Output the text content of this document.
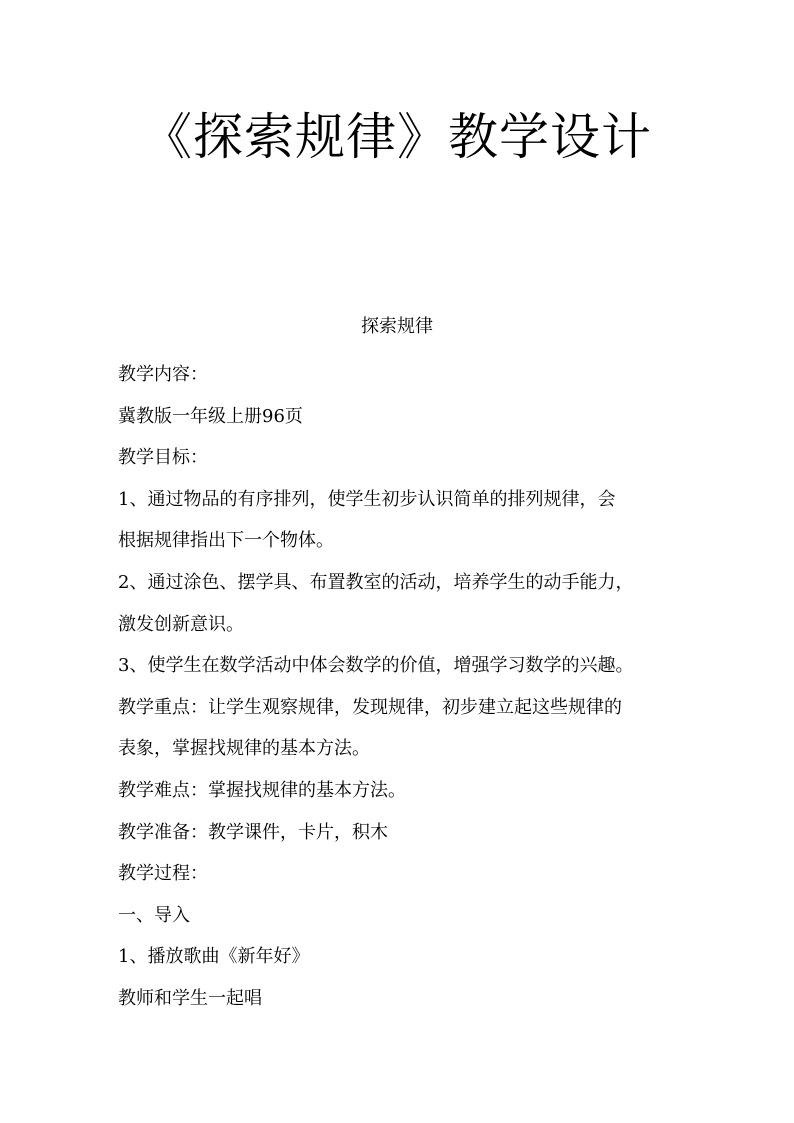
《探索规律》教学设计
探索规律
教学内容：
冀教版一年级上册96页
教学目标：
1、通过物品的有序排列，使学生初步认识简单的排列规律，会
根据规律指出下一个物体。
2、通过涂色、摆学具、布置教室的活动，培养学生的动手能力，
激发创新意识。
3、使学生在数学活动中体会数学的价值，增强学习数学的兴趣。
教学重点：让学生观察规律，发现规律，初步建立起这些规律的
表象，掌握找规律的基本方法。
教学难点：掌握找规律的基本方法。
教学准备：教学课件，卡片，积木
教学过程：
一、导入
1、播放歌曲《新年好》
教师和学生一起唱
